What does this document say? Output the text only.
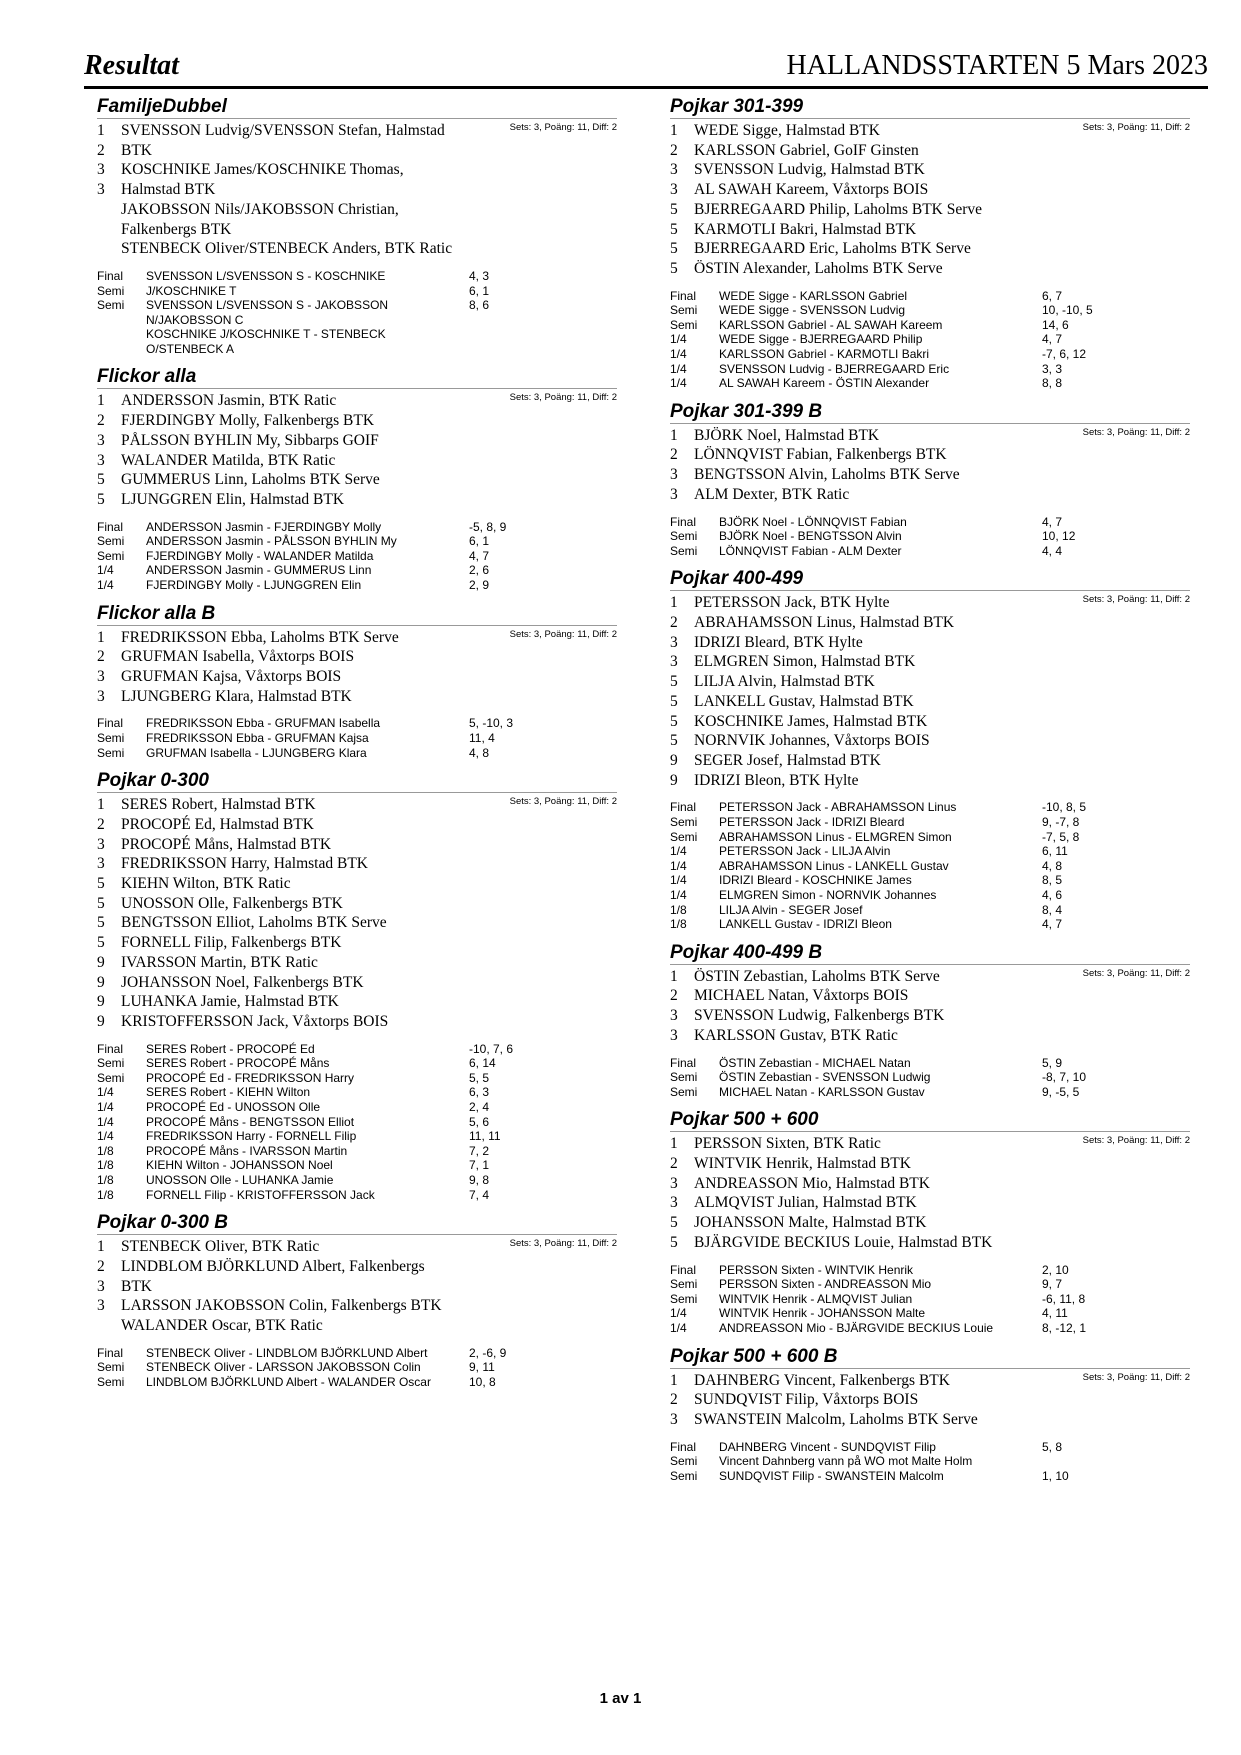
Resultat	HALLANDSSTARTEN 5 Mars 2023
FamiljeDubbel
Sets: 3, Poäng: 11, Diff: 2
1 SVENSSON Ludvig/SVENSSON Stefan, Halmstad
2 BTK
3 KOSCHNIKE James/KOSCHNIKE Thomas,
3 Halmstad BTK
JAKOBSSON Nils/JAKOBSSON Christian,
Falkenbergs BTK
STENBECK Oliver/STENBECK Anders, BTK Ratic
Final SVENSSON L/SVENSSON S - KOSCHNIKE	4, 3
Semi J/KOSCHNIKE T	6, 1
Semi SVENSSON L/SVENSSON S - JAKOBSSON	8, 6
N/JAKOBSSON C
KOSCHNIKE J/KOSCHNIKE T - STENBECK
O/STENBECK A
Flickor alla
Sets: 3, Poäng: 11, Diff: 2
1 ANDERSSON Jasmin, BTK Ratic
2 FJERDINGBY Molly, Falkenbergs BTK
3 PÅLSSON BYHLIN My, Sibbarps GOIF
3 WALANDER Matilda, BTK Ratic
5 GUMMERUS Linn, Laholms BTK Serve
5 LJUNGGREN Elin, Halmstad BTK
Final ANDERSSON Jasmin - FJERDINGBY Molly	-5, 8, 9
Semi ANDERSSON Jasmin - PÅLSSON BYHLIN My	6, 1
Semi FJERDINGBY Molly - WALANDER Matilda	4, 7
1/4	ANDERSSON Jasmin - GUMMERUS Linn	2, 6
1/4	FJERDINGBY Molly - LJUNGGREN Elin	2, 9
Flickor alla B
Sets: 3, Poäng: 11, Diff: 2
1 FREDRIKSSON Ebba, Laholms BTK Serve
2 GRUFMAN Isabella, Våxtorps BOIS
3 GRUFMAN Kajsa, Våxtorps BOIS
3 LJUNGBERG Klara, Halmstad BTK
Final FREDRIKSSON Ebba - GRUFMAN Isabella	5, -10, 3
Semi FREDRIKSSON Ebba - GRUFMAN Kajsa	11, 4
Semi GRUFMAN Isabella - LJUNGBERG Klara	4, 8
Pojkar 0-300
Sets: 3, Poäng: 11, Diff: 2
1 SERES Robert, Halmstad BTK
2 PROCOPÉ Ed, Halmstad BTK
3 PROCOPÉ Måns, Halmstad BTK
3 FREDRIKSSON Harry, Halmstad BTK
5 KIEHN Wilton, BTK Ratic
5 UNOSSON Olle, Falkenbergs BTK
5 BENGTSSON Elliot, Laholms BTK Serve
5 FORNELL Filip, Falkenbergs BTK
9 IVARSSON Martin, BTK Ratic
9 JOHANSSON Noel, Falkenbergs BTK
9 LUHANKA Jamie, Halmstad BTK
9 KRISTOFFERSSON Jack, Våxtorps BOIS
Final SERES Robert - PROCOPÉ Ed	-10, 7, 6
Semi SERES Robert - PROCOPÉ Måns	6, 14
Semi PROCOPÉ Ed - FREDRIKSSON Harry	5, 5
1/4	SERES Robert - KIEHN Wilton	6, 3
1/4	PROCOPÉ Ed - UNOSSON Olle	2, 4
1/4	PROCOPÉ Måns - BENGTSSON Elliot	5, 6
1/4	FREDRIKSSON Harry - FORNELL Filip	11, 11
1/8	PROCOPÉ Måns - IVARSSON Martin	7, 2
1/8	KIEHN Wilton - JOHANSSON Noel	7, 1
1/8	UNOSSON Olle - LUHANKA Jamie	9, 8
1/8	FORNELL Filip - KRISTOFFERSSON Jack	7, 4
Pojkar 0-300 B
Sets: 3, Poäng: 11, Diff: 2
1 STENBECK Oliver, BTK Ratic
2 LINDBLOM BJÖRKLUND Albert, Falkenbergs
3 BTK
3 LARSSON JAKOBSSON Colin, Falkenbergs BTK
WALANDER Oscar, BTK Ratic
Final STENBECK Oliver - LINDBLOM BJÖRKLUND Albert	2, -6, 9
Semi STENBECK Oliver - LARSSON JAKOBSSON Colin	9, 11
Semi LINDBLOM BJÖRKLUND Albert - WALANDER Oscar	10, 8
Pojkar 301-399
Sets: 3, Poäng: 11, Diff: 2
1 WEDE Sigge, Halmstad BTK
2 KARLSSON Gabriel, GoIF Ginsten
3 SVENSSON Ludvig, Halmstad BTK
3 AL SAWAH Kareem, Våxtorps BOIS
5 BJERREGAARD Philip, Laholms BTK Serve
5 KARMOTLI Bakri, Halmstad BTK
5 BJERREGAARD Eric, Laholms BTK Serve
5 ÖSTIN Alexander, Laholms BTK Serve
Final WEDE Sigge - KARLSSON Gabriel	6, 7
Semi WEDE Sigge - SVENSSON Ludvig	10, -10, 5
Semi KARLSSON Gabriel - AL SAWAH Kareem	14, 6
1/4	WEDE Sigge - BJERREGAARD Philip	4, 7
1/4	KARLSSON Gabriel - KARMOTLI Bakri	-7, 6, 12
1/4	SVENSSON Ludvig - BJERREGAARD Eric	3, 3
1/4	AL SAWAH Kareem - ÖSTIN Alexander	8, 8
Pojkar 301-399 B
Sets: 3, Poäng: 11, Diff: 2
1 BJÖRK Noel, Halmstad BTK
2 LÖNNQVIST Fabian, Falkenbergs BTK
3 BENGTSSON Alvin, Laholms BTK Serve
3 ALM Dexter, BTK Ratic
Final BJÖRK Noel - LÖNNQVIST Fabian	4, 7
Semi BJÖRK Noel - BENGTSSON Alvin	10, 12
Semi LÖNNQVIST Fabian - ALM Dexter	4, 4
Pojkar 400-499
Sets: 3, Poäng: 11, Diff: 2
1 PETERSSON Jack, BTK Hylte
2 ABRAHAMSSON Linus, Halmstad BTK
3 IDRIZI Bleard, BTK Hylte
3 ELMGREN Simon, Halmstad BTK
5 LILJA Alvin, Halmstad BTK
5 LANKELL Gustav, Halmstad BTK
5 KOSCHNIKE James, Halmstad BTK
5 NORNVIK Johannes, Våxtorps BOIS
9 SEGER Josef, Halmstad BTK
9 IDRIZI Bleon, BTK Hylte
Final PETERSSON Jack - ABRAHAMSSON Linus	-10, 8, 5
Semi PETERSSON Jack - IDRIZI Bleard	9, -7, 8
Semi ABRAHAMSSON Linus - ELMGREN Simon	-7, 5, 8
1/4	PETERSSON Jack - LILJA Alvin	6, 11
1/4	ABRAHAMSSON Linus - LANKELL Gustav	4, 8
1/4	IDRIZI Bleard - KOSCHNIKE James	8, 5
1/4	ELMGREN Simon - NORNVIK Johannes	4, 6
1/8	LILJA Alvin - SEGER Josef	8, 4
1/8	LANKELL Gustav - IDRIZI Bleon	4, 7
Pojkar 400-499 B
Sets: 3, Poäng: 11, Diff: 2
1 ÖSTIN Zebastian, Laholms BTK Serve
2 MICHAEL Natan, Våxtorps BOIS
3 SVENSSON Ludwig, Falkenbergs BTK
3 KARLSSON Gustav, BTK Ratic
Final ÖSTIN Zebastian - MICHAEL Natan	5, 9
Semi ÖSTIN Zebastian - SVENSSON Ludwig	-8, 7, 10
Semi MICHAEL Natan - KARLSSON Gustav	9, -5, 5
Pojkar 500 + 600
Sets: 3, Poäng: 11, Diff: 2
1 PERSSON Sixten, BTK Ratic
2 WINTVIK Henrik, Halmstad BTK
3 ANDREASSON Mio, Halmstad BTK
3 ALMQVIST Julian, Halmstad BTK
5 JOHANSSON Malte, Halmstad BTK
5 BJÄRGVIDE BECKIUS Louie, Halmstad BTK
Final PERSSON Sixten - WINTVIK Henrik	2, 10
Semi PERSSON Sixten - ANDREASSON Mio	9, 7
Semi WINTVIK Henrik - ALMQVIST Julian	-6, 11, 8
1/4	WINTVIK Henrik - JOHANSSON Malte	4, 11
1/4	ANDREASSON Mio - BJÄRGVIDE BECKIUS Louie	8, -12, 1
Pojkar 500 + 600 B
Sets: 3, Poäng: 11, Diff: 2
1 DAHNBERG Vincent, Falkenbergs BTK
2 SUNDQVIST Filip, Våxtorps BOIS
3 SWANSTEIN Malcolm, Laholms BTK Serve
Final DAHNBERG Vincent - SUNDQVIST Filip	5, 8
Semi Vincent Dahnberg vann på WO mot Malte Holm
Semi SUNDQVIST Filip - SWANSTEIN Malcolm	1, 10
1 av 1
